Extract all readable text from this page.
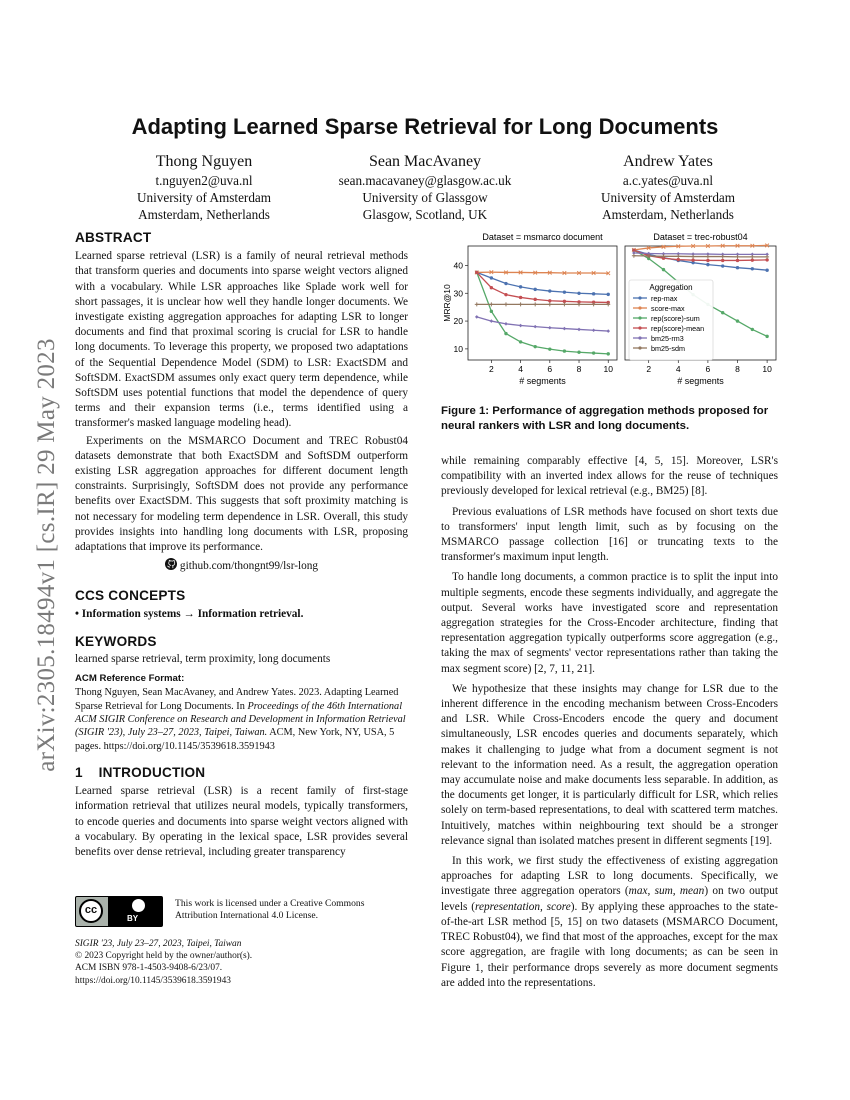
arXiv:2305.18494v1 [cs.IR] 29 May 2023
Adapting Learned Sparse Retrieval for Long Documents
Thong Nguyen
t.nguyen2@uva.nl
University of Amsterdam
Amsterdam, Netherlands
Sean MacAvaney
sean.macavaney@glasgow.ac.uk
University of Glassgow
Glasgow, Scotland, UK
Andrew Yates
a.c.yates@uva.nl
University of Amsterdam
Amsterdam, Netherlands
ABSTRACT

Learned sparse retrieval (LSR) is a family of neural retrieval methods that transform queries and documents into sparse weight vectors aligned with a vocabulary. While LSR approaches like Splade work well for short passages, it is unclear how well they handle longer documents. We investigate existing aggregation approaches for adapting LSR to longer documents and find that proximal scoring is crucial for LSR to handle long documents. To leverage this property, we proposed two adaptations of the Sequential Dependence Model (SDM) to LSR: ExactSDM and SoftSDM. ExactSDM assumes only exact query term dependence, while SoftSDM uses potential functions that model the dependence of query terms and their expansion terms (i.e., terms identified using a transformer's masked language modeling head).

Experiments on the MSMARCO Document and TREC Robust04 datasets demonstrate that both ExactSDM and SoftSDM outperform existing LSR aggregation approaches for different document length constraints. Surprisingly, SoftSDM does not provide any performance benefits over ExactSDM. This suggests that soft proximity matching is not necessary for modeling term dependence in LSR. Overall, this study provides insights into handling long documents with LSR, proposing adaptations that improve its performance.

github.com/thongnt99/lsr-long
CCS CONCEPTS
• Information systems → Information retrieval.
KEYWORDS
learned sparse retrieval, term proximity, long documents
ACM Reference Format:
Thong Nguyen, Sean MacAvaney, and Andrew Yates. 2023. Adapting Learned Sparse Retrieval for Long Documents. In Proceedings of the 46th International ACM SIGIR Conference on Research and Development in Information Retrieval (SIGIR '23), July 23–27, 2023, Taipei, Taiwan. ACM, New York, NY, USA, 5 pages. https://doi.org/10.1145/3539618.3591943
1    INTRODUCTION

Learned sparse retrieval (LSR) is a recent family of first-stage information retrieval that utilizes neural models, typically transformers, to encode queries and documents into sparse weight vectors aligned with a vocabulary. By operating in the lexical space, LSR provides several benefits over dense retrieval, including greater transparency

cc
BY
This work is licensed under a Creative Commons Attribution International 4.0 License.
SIGIR '23, July 23–27, 2023, Taipei, Taiwan
© 2023 Copyright held by the owner/author(s).
ACM ISBN 978-1-4503-9408-6/23/07.
https://doi.org/10.1145/3539618.3591943
Dataset = msmarco document
2	4	6	8	10
10
20
30
40
# segments
MRR@10
Dataset = trec-robust04
2	4	6	8	10
# segments
Aggregation
rep-max
score-max
rep(score)-sum
rep(score)-mean
bm25-rm3
bm25-sdm
Figure 1: Performance of aggregation methods proposed for neural rankers with LSR and long documents.

while remaining comparably effective [4, 5, 15]. Moreover, LSR's compatibility with an inverted index allows for the reuse of techniques previously developed for lexical retrieval (e.g., BM25) [8].

Previous evaluations of LSR methods have focused on short texts due to transformers' input length limit, such as by focusing on the MSMARCO passage collection [16] or truncating texts to the transformer's maximum input length.

To handle long documents, a common practice is to split the input into multiple segments, encode these segments individually, and aggregate the output. Several works have investigated score and representation aggregation strategies for the Cross-Encoder architecture, finding that representation aggregation typically outperforms score aggregation (e.g., taking the max of segments' vector representations rather than taking the max segment score) [2, 7, 11, 21].

We hypothesize that these insights may change for LSR due to the inherent difference in the encoding mechanism between Cross-Encoders and LSR. While Cross-Encoders encode the query and document simultaneously, LSR encodes queries and documents separately, which makes it challenging to judge what from a document segment is not relevant to the information need. As a result, the aggregation operation may accumulate noise and make documents less separable. In addition, as the documents get longer, it is particularly difficult for LSR, which relies solely on term-based representations, to deal with scattered term matches. Intuitively, matches within neighbouring text should be a stronger relevance signal than isolated matches present in different segments [19].

In this work, we first study the effectiveness of existing aggregation approaches for adapting LSR to long documents. Specifically, we investigate three aggregation operators (max, sum, mean) on two output levels (representation, score). By applying these approaches to the state-of-the-art LSR method [5, 15] on two datasets (MSMARCO Document, TREC Robust04), we find that most of the approaches, except for the max score aggregation, are fragile with long documents; as can be seen in Figure 1, their performance drops severely as more document segments are added into the representations.
